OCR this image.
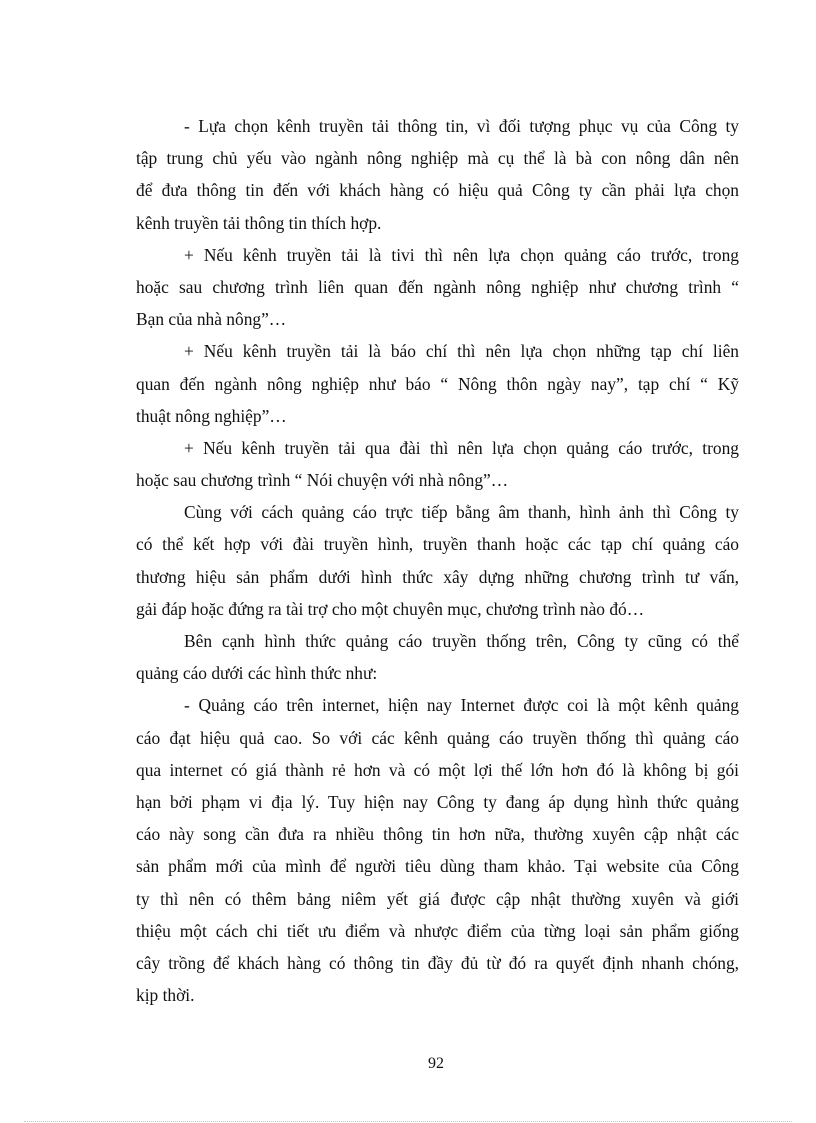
- Lựa chọn kênh truyền tải thông tin, vì đối tượng phục vụ của Công ty
tập trung chủ yếu vào ngành nông nghiệp mà cụ thể là bà con nông dân nên
để đưa thông tin đến với khách hàng có hiệu quả Công ty cần phải lựa chọn
kênh truyền tải thông tin thích hợp.
+ Nếu kênh truyền tải là tivi thì nên lựa chọn quảng cáo trước, trong
hoặc sau chương trình liên quan đến ngành nông nghiệp như chương trình “
Bạn của nhà nông”…
+ Nếu kênh truyền tải là báo chí thì nên lựa chọn những tạp chí liên
quan đến ngành nông nghiệp như báo “ Nông thôn ngày nay”, tạp chí “ Kỹ
thuật nông nghiệp”…
+ Nếu kênh truyền tải qua đài thì nên lựa chọn quảng cáo trước, trong
hoặc sau chương trình “ Nói chuyện với nhà nông”…
Cùng với cách quảng cáo trực tiếp bằng âm thanh, hình ảnh thì Công ty
có thể kết hợp với đài truyền hình, truyền thanh hoặc các tạp chí quảng cáo
thương hiệu sản phẩm dưới hình thức xây dựng những chương trình tư vấn,
gải đáp hoặc đứng ra tài trợ cho một chuyên mục, chương trình nào đó…
Bên cạnh hình thức quảng cáo truyền thống trên, Công ty cũng có thể
quảng cáo dưới các hình thức như:
- Quảng cáo trên internet, hiện nay Internet được coi là một kênh quảng
cáo đạt hiệu quả cao. So với các kênh quảng cáo truyền thống thì quảng cáo
qua internet có giá thành rẻ hơn và có một lợi thế lớn hơn đó là không bị gói
hạn bởi phạm vi địa lý. Tuy hiện nay Công ty đang áp dụng hình thức quảng
cáo này song cần đưa ra nhiều thông tin hơn nữa, thường xuyên cập nhật các
sản phẩm mới của mình để người tiêu dùng tham khảo. Tại website của Công
ty thì nên có thêm bảng niêm yết giá được cập nhật thường xuyên và giới
thiệu một cách chi tiết ưu điểm và nhược điểm của từng loại sản phẩm giống
cây trồng để khách hàng có thông tin đầy đủ từ đó ra quyết định nhanh chóng,
kịp thời.
92
